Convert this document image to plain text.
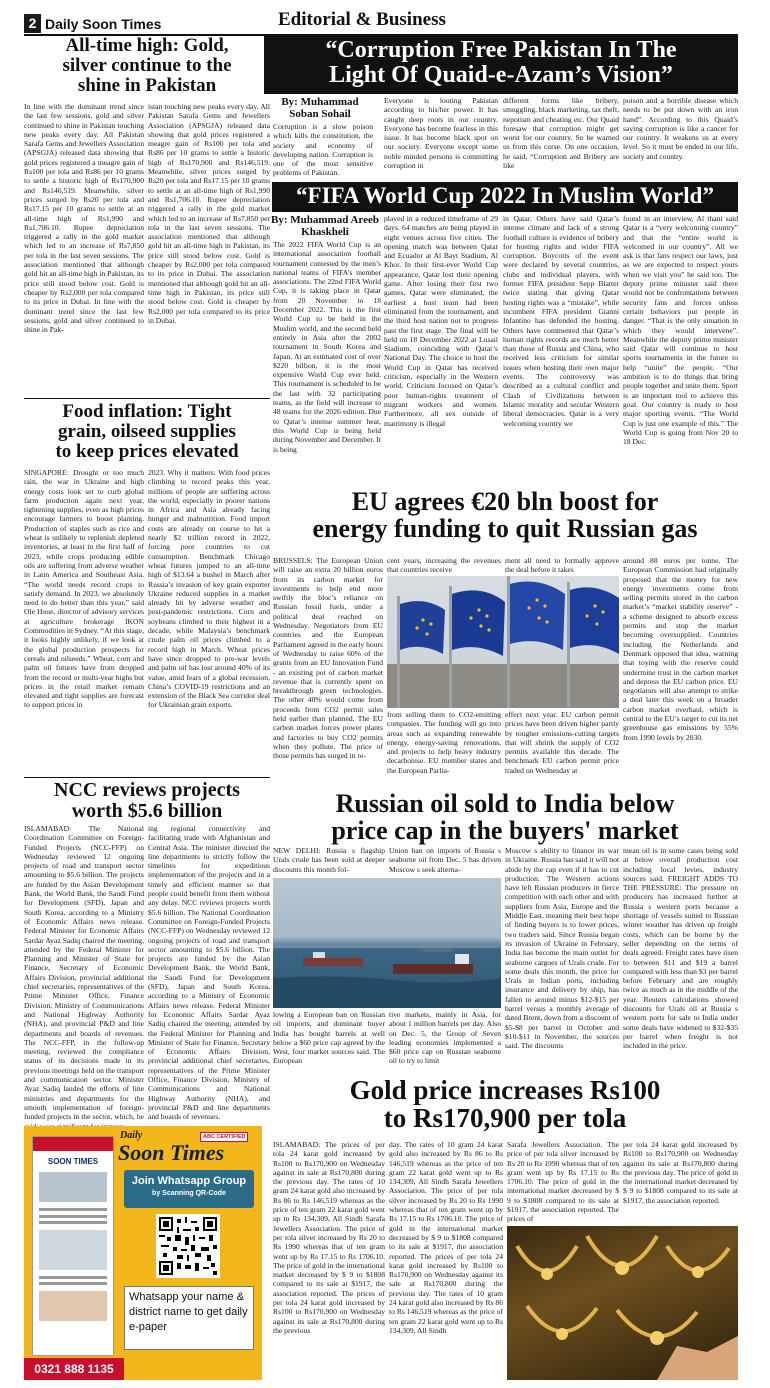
2 Daily Soon Times	Editorial & Business
All-time high: Gold,
silver continue to the
shine in Pakistan
In line with the dominant trend since the last few sessions, gold and silver continued to shine in Pakistan touching new peaks every day. All Pakistan Sarafa Gems and Jewellers Association (APSGJA) released data showing that gold prices registered a meagre gain of Rs100 per tola and Rs86 per 10 grams to settle a historic high of Rs170,900 and Rs146,519. Meanwhile, silver prices surged by Rs20 per tola and Rs17.15 per 10 grams to settle at an all-time high of Rs1,990 and Rs1,706.10. Rupee depreciation triggered a rally in the gold market which led to an increase of Rs7,850 per tola in the last seven sessions. The association mentioned that although gold hit an all-time high in Pakistan, its price still stood below cost. Gold is cheaper by Rs2,000 per tola compared to its price in Dubai. In line with the dominant trend since the last few sessions, gold and silver continued to shine in Pak-
istan touching new peaks every day. All Pakistan Sarafa Gems and Jewellers Association (APSGJA) released data showing that gold prices registered a meagre gain of Rs100 per tola and Rs86 per 10 grams to settle a historic high of Rs170,900 and Rs146,519. Meanwhile, silver prices surged by Rs20 per tola and Rs17.15 per 10 grams to settle at an all-time high of Rs1,990 and Rs1,706.10. Rupee depreciation triggered a rally in the gold market which led to an increase of Rs7,850 per tola in the last seven sessions. The association mentioned that although gold hit an all-time high in Pakistan, its price still stood below cost. Gold is cheaper by Rs2,000 per tola compared to its price in Dubai. The association mentioned that although gold hit an all-time high in Pakistan, its price still stood below cost. Gold is cheaper by Rs2,000 per tola compared to its price in Dubai.
“Corruption Free Pakistan In The
Light Of Quaid-e-Azam’s Vision”
By: Muhammad Soban Sohail
Corruption is a slow poison which kills the constitution, the society and economy of developing nation. Corruption is one of the most sensitive problems of Pakistan.
Everyone is looting Pakistan according to his/her power. It has caught deep roots in our country. Everyone has become fearless in this issue. It has become black spot on our society. Everyone except some noble minded persons is committing corruption in
different forms like bribery, smuggling, black marketing, tax theft, nepotism and cheating etc. Our Quaid foresaw that corruption might get worst for our country. So he warned us from this curse. On one occasion, he said, “Corruption and Bribery are like
poison and a horrible disease which needs to be put down with an iron hand”. According to this Quaid’s saying corruption is like a cancer for our country. It weakens us at every level. So it must be ended in our life, society and country.
“FIFA World Cup 2022 In Muslim World”
By: Muhammad Areeb Khaskheli
The 2022 FIFA World Cup is an international association football tournament contested by the men’s national teams of FIFA’s member associations. The 22nd FIFA World Cup, it is taking place in Qatar from 20 November to 18 December 2022. This is the first World Cup to be held in the Muslim world, and the second held entirely in Asia after the 2002 tournament in South Korea and Japan. At an estimated cost of over $220 billion, it is the most expensive World Cup ever held. This tournament is scheduled to be the last with 32 participating teams, as the field will increase to 48 teams for the 2026 edition. Due to Qatar’s intense summer heat, this World Cup is being held during November and December. It is being
played in a reduced timeframe of 29 days. 64 matches are being played in eight venues across five cities. The opening match was between Qatar and Ecuador at Al Bayt Stadium, Al Khor. In their first-ever World Cup appearance, Qatar lost their opening game. After losing their first two games, Qatar were eliminated, the earliest a host team had been eliminated from the tournament, and the third host nation not to progress past the first stage. The final will be held on 18 December 2022 at Lusail Stadium, coinciding with Qatar’s National Day. The choice to host the World Cup in Qatar has received criticism, especially in the Western world. Criticism focused on Qatar’s poor human-rights treatment of migrant workers and women. Furthermore, all sex outside of matrimony is illegal
in Qatar. Others have said Qatar’s intense climate and lack of a strong football culture is evidence of bribery for hosting rights and wider FIFA corruption. Boycotts of the event were declared by several countries, clubs and individual players, with former FIFA president Sepp Blatter twice stating that giving Qatar hosting rights was a “mistake”, while incumbent FIFA president Gianni Infantino has defended the hosting. Others have commented that Qatar’s human rights records are much better than those of Russia and China, who received less criticism for similar issues when hosting their own major events. The controversy was described as a cultural conflict and Clash of Civilizations between Islamic morality and secular Western liberal democracies. Qatar is a very welcoming country we
found in an interview, Al thani said Qatar is a “very welcoming country” and that the “entire world is welcomed in our country”. All we ask is that fans respect our laws, just as we are expected to respect yours when we visit you” he said too. The deputy prime minister said there would not be confrontations between security fans and forces unless certain behaviors put people in danger. “That is the only situation in which they would intervene”. Meanwhile the deputy prime minister said Qatar will continue to host sports tournaments in the future to help “unite” the people. “Our ambition is to do things that bring people together and unite them. Sport is an important tool to achieve this goal. Our country is ready to host major sporting events. “The World Cup is just one example of this.” The World Cup is going from Nov 20 to 18 Dec.
Food inflation: Tight
grain, oilseed supplies
to keep prices elevated
SINGAPORE: Drought or too much rain, the war in Ukraine and high energy costs look set to curb global farm production again next year, tightening supplies, even as high prices encourage farmers to boost planting. Production of staples such as rice and wheat is unlikely to replenish depleted inventories, at least in the first half of 2023, while crops producing edible oils are suffering from adverse weather in Latin America and Southeast Asia. “The world needs record crops to satisfy demand. In 2023, we absolutely need to do better than this year,” said Ole Houe, director of advisory services at agriculture brokerage IKON Commodities in Sydney. “At this stage, it looks highly unlikely, if we look at the global production prospects for cereals and oilseeds.” Wheat, corn and palm oil futures have from dropped from the record or multi-year highs but prices in the retail market remain elevated and tight supplies are forecast to support prices in
2023. Why it matters: With food prices climbing to record peaks this year, millions of people are suffering across the world, especially in poorer nations in Africa and Asia already facing hunger and malnutrition. Food import costs are already on course to hit a nearly $2 trillion record in 2022, forcing poor countries to cut consumption. Benchmark Chicago wheat futures jumped to an all-time high of $13.64 a bushel in March after Russia’s invasion of key grain exporter Ukraine reduced supplies in a market already hit by adverse weather and post-pandemic restrictions. Corn and soybeans climbed to their highest in a decade, while Malaysia’s benchmark crude palm oil prices climbed to a record high in March. Wheat prices have since dropped to pre-war levels and palm oil has lost around 40% of its value, amid fears of a global recession, China’s COVID-19 restrictions and an extension of the Black Sea corridor deal for Ukrainian grain exports.
EU agrees €20 bln boost for
energy funding to quit Russian gas
BRUSSELS: The European Union will raise an extra 20 billion euros from its carbon market for investments to help end more swiftly the bloc’s reliance on Russian fossil fuels, under a political deal reached on Wednesday. Negotiators from EU countries and the European Parliament agreed in the early hours of Wednesday to raise 60% of the grants from an EU Innovation Fund - an existing pot of carbon market revenue that is currently spent on breakthrough green technologies. The other 40% would come from proceeds from CO2 permit sales held earlier than planned. The EU carbon market forces power plants and factories to buy CO2 permits when they pollute. The price of those permits has surged in re-
cent years, increasing the revenues that countries receive
ment all need to formally approve the deal before it takes
from selling them to CO2-emitting companies. The funding will go into areas such as expanding renewable energy, energy-saving renovations, and projects to help heavy industry decarbonise. EU member states and the European Parlia-
effect next year. EU carbon permit prices have been driven higher partly by tougher emissions-cutting targets that will shrink the supply of CO2 permits available this decade. The benchmark EU carbon permit price traded on Wednesday at
around 88 euros per tonne. The European Commission had originally proposed that the money for new energy investments come from selling permits stored in the carbon market’s “market stability reserve” - a scheme designed to absorb excess permits and stop the market becoming oversupplied. Countries including the Netherlands and Denmark opposed that idea, warning that toying with the reserve could undermine trust in the carbon market and depress the EU carbon price. EU negotiators will also attempt to strike a deal later this week on a broader carbon market overhaul, which is central to the EU’s target to cut its net greenhouse gas emissions by 55% from 1990 levels by 2030.
NCC reviews projects
worth $5.6 billion
ISLAMABAD: The National Coordination Committee on Foreign-Funded Projects (NCC-FFP) on Wednesday reviewed 12 ongoing projects of road and transport sector amounting to $5.6 billion. The projects are funded by the Asian Development Bank, the World Bank, the Saudi Fund for Development (SFD), Japan and South Korea, according to a Ministry of Economic Affairs news release. Federal Minister for Economic Affairs Sardar Ayaz Sadiq chaired the meeting, attended by the Federal Minister for Planning and Minister of State for Finance, Secretary of Economic Affairs Division, provincial additional chief secretaries, representatives of the Prime Minister Office, Finance Division, Ministry of Communications and National Highway Authority (NHA), and provincial P&D and line departments and boards of revenues. The NCC-FFP, in the follow-up meeting, reviewed the compliance status of its decisions made in its previous meetings held on the transport and communication sector. Minister Ayaz Sadiq lauded the efforts of line ministries and departments for the smooth implementation of foreign-funded projects in the sector, which, he
ing regional connectivity and facilitating trade with Afghanistan and Central Asia. The minister directed the line departments to strictly follow the timelines for expeditious implementation of the projects and in a timely and efficient manner so that people could benefit from them without any delay. NCC reviews projects worth $5.6 billion. The National Coordination Committee on Foreign-Funded Projects (NCC-FFP) on Wednesday reviewed 12 ongoing projects of road and transport sector amounting to $5.6 billion. The projects are funded by the Asian Development Bank, the World Bank, the Saudi Fund for Development (SFD), Japan and South Korea, according to a Ministry of Economic Affairs news release. Federal Minister for Economic Affairs Sardar Ayaz Sadiq chaired the meeting, attended by the Federal Minister for Planning and Minister of State for Finance, Secretary of Economic Affairs Division, provincial additional chief secretaries, representatives of the Prime Minister Office, Finance Division, Ministry of Communications and National Highway Authority (NHA), and provincial P&D and line departments and boards of revenues.
Russian oil sold to India below
price cap in the buyers' market
NEW DELHI: Russia s flagship Urals crude has been sold at deeper discounts this month fol-
Union ban on imports of Russia s seaborne oil from Dec. 5 has driven Moscow s seek alterna-
lowing a European ban on Russian oil imports, and dominant buyer India has bought barrels at well below a $60 price cap agreed by the West, four market sources said. The European
tive markets, mainly in Asia, for about 1 million barrels per day. Also on Dec. 5, the Group of Seven leading economies implemented a $60 price cap on Russian seaborne oil to try to limit
Moscow s ability to finance its war in Ukraine. Russia has said it will not abide by the cap even if it has to cut production. The Western actions have left Russian producers in fierce competition with each other and with suppliers from Asia, Europe and the Middle East, meaning their best hope of finding buyers is to lower prices, two traders said. Since Russia began its invasion of Ukraine in February, India has become the main outlet for seaborne cargoes of Urals crude. For some deals this month, the price for Urals in Indian ports, including insurance and delivery by ship, has fallen to around minus $12-$15 per barrel versus a monthly average of dated Brent, down from a discount of $5-$8 per barrel in October and $10-$11 in November, the sources said. The discounts
mean oil is in some cases being sold at below overall production cost including local levies, industry sources said. FREIGHT ADDS TO THE PRESSURE: The pressure on producers has increased further at Russia s western ports because a shortage of vessels suited to Russian winter weather has driven up freight costs, which can be borne by the seller depending on the terms of deals agreed. Freight rates have risen to between $11 and $19 a barrel compared with less than $3 per barrel before February and are roughly twice as much as in the middle of the year. Reuters calculations showed discounts for Urals oil at Russia s western ports for sale to India under some deals have widened to $32-$35 per barrel when freight is not included in the price.
Gold price increases Rs100
to Rs170,900 per tola
ISLAMABAD: The prices of per tola 24 karat gold increased by Rs100 to Rs170,900 on Wednesday against its sale at Rs170,800 during the previous day. The rates of 10 gram 24 karat gold also increased by Rs 86 to Rs 146,519 whereas as the price of ten gram 22 karat gold went up to Rs 134,309, All Sindh Sarafa Jewellers Association. The price of per tola silver increased by Rs 20 to Rs 1990 whereas that of ten gram went up by Rs 17.15 to Rs 1706.10. The price of gold in the international market decreased by $ 9 to $1808 compared to its sale at $1917, the association reported. The prices of per tola 24 karat gold increased by Rs100 to Rs170,900 on Wednesday against its sale at Rs170,800 during the previous
day. The rates of 10 gram 24 karat gold also increased by Rs 86 to Rs 146,519 whereas as the price of ten gram 22 karat gold went up to Rs 134,309, All Sindh Sarafa Jewellers Association. The price of per tola silver increased by Rs 20 to Rs 1990 whereas that of ten gram went up by Rs 17.15 to Rs 1706.10. The price of gold in the international market decreased by $ 9 to $1808 compared to its sale at $1917, the association reported. The prices of per tola 24 karat gold increased by Rs100 to Rs170,900 on Wednesday against its sale at Rs170,800 during the previous day. The rates of 10 gram 24 karat gold also increased by Rs 86 to Rs 146,519 whereas as the price of ten gram 22 karat gold went up to Rs 134,309, All Sindh
Sarafa Jewellers Association. The price of per tola silver increased by Rs 20 to Rs 1990 whereas that of ten gram went up by Rs 17.15 to Rs 1706.10. The price of gold in the international market decreased by $ 9 to $1808 compared to its sale at $1917, the association reported. The prices of
per tola 24 karat gold increased by Rs100 to Rs170,900 on Wednesday against its sale at Rs170,800 during the previous day. The price of gold in the international market decreased by $ 9 to $1808 compared to its sale at $1917, the association reported.
SOON TIMES
Daily	ABC CERTIFIED
Soon Times
Join Whatsapp Group
by Scanning QR-Code
Whatsapp your name & district name to get daily e-paper
0321 888 1135
